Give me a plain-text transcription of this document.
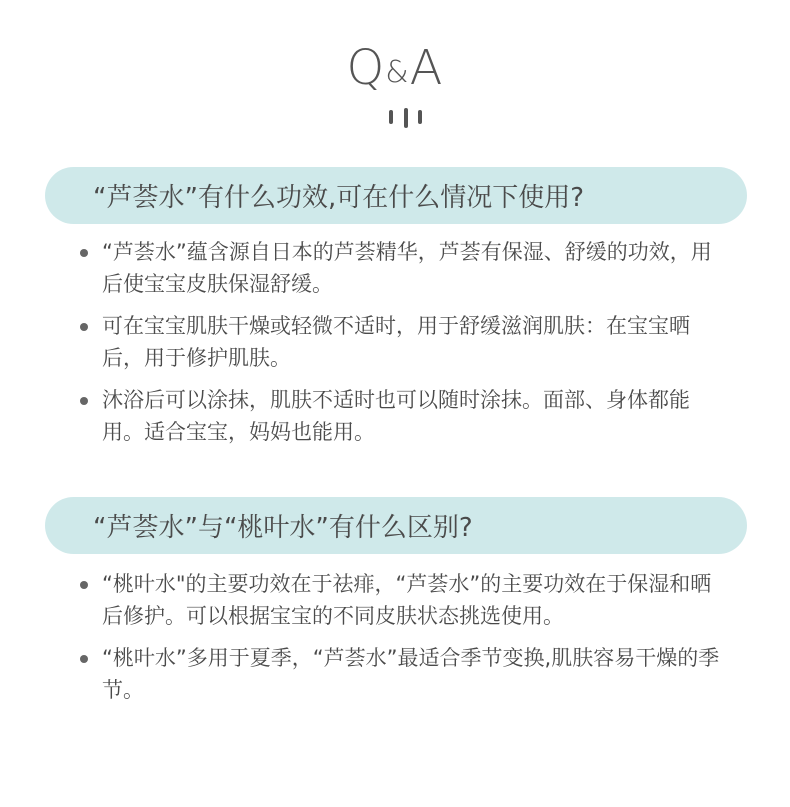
Q&A
“芦荟水”有什么功效,可在什么情况下使用?
“芦荟水”蕴含源自日本的芦荟精华，芦荟有保湿、舒缓的功效，用后使宝宝皮肤保湿舒缓。
可在宝宝肌肤干燥或轻微不适时，用于舒缓滋润肌肤：在宝宝晒后，用于修护肌肤。
沐浴后可以涂抹，肌肤不适时也可以随时涂抹。面部、身体都能用。适合宝宝，妈妈也能用。
“芦荟水”与“桃叶水”有什么区别?
“桃叶水"的主要功效在于祛痱，“芦荟水”的主要功效在于保湿和晒后修护。可以根据宝宝的不同皮肤状态挑选使用。
“桃叶水”多用于夏季，“芦荟水”最适合季节变换,肌肤容易干燥的季节。
